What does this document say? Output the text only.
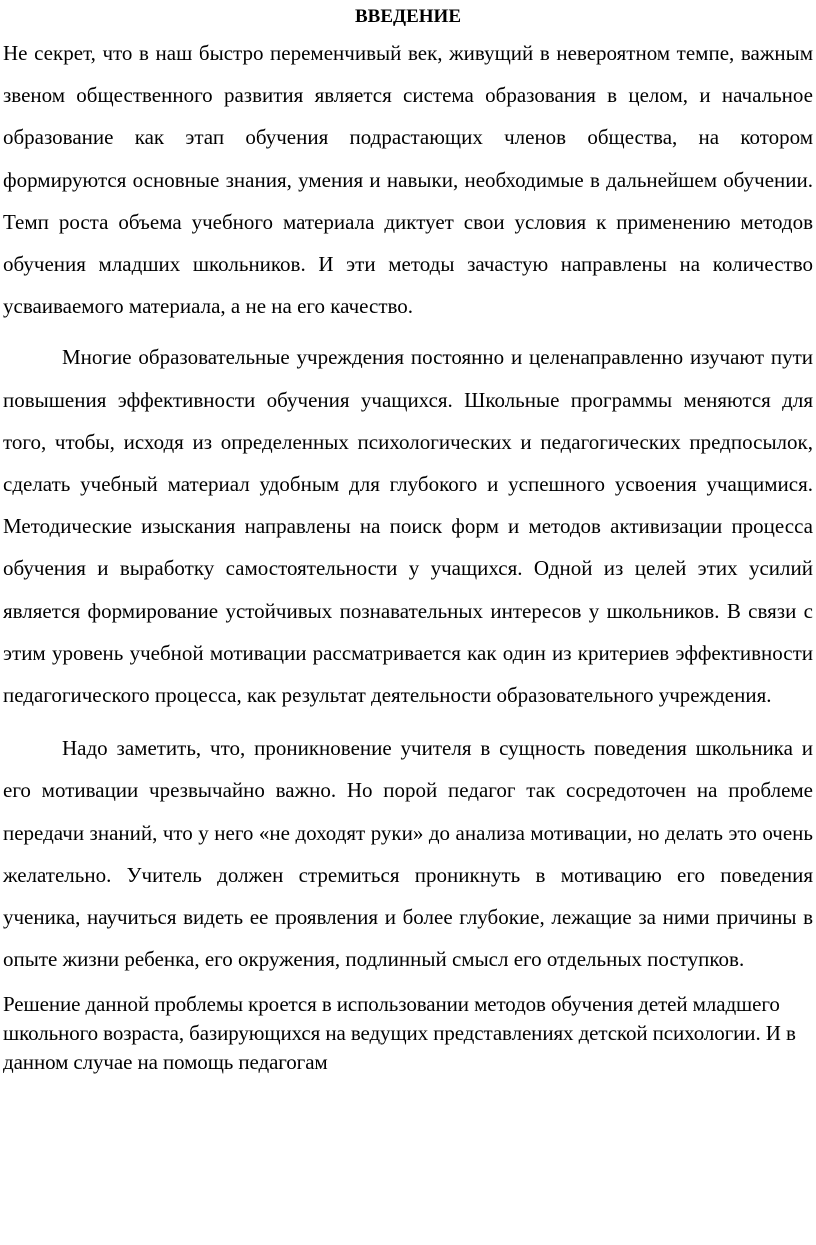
ВВЕДЕНИЕ

Не секрет, что в наш быстро переменчивый век, живущий в невероятном темпе, важным звеном общественного развития является система образования в целом, и начальное образование как этап обучения подрастающих членов общества, на котором формируются основные знания, умения и навыки, необходимые в дальнейшем обучении. Темп роста объема учебного материала диктует свои условия к применению методов обучения младших школьников. И эти методы зачастую направлены на количество усваиваемого материала, а не на его качество.

Многие образовательные учреждения постоянно и целенаправленно изучают пути повышения эффективности обучения учащихся. Школьные программы меняются для того, чтобы, исходя из определенных психологических и педагогических предпосылок, сделать учебный материал удобным для глубокого и успешного усвоения учащимися. Методические изыскания направлены на поиск форм и методов активизации процесса обучения и выработку самостоятельности у учащихся. Одной из целей этих усилий является формирование устойчивых познавательных интересов у школьников. В связи с этим уровень учебной мотивации рассматривается как один из критериев эффективности педагогического процесса, как результат деятельности образовательного учреждения.

Надо заметить, что, проникновение учителя в сущность поведения школьника и его мотивации чрезвычайно важно. Но порой педагог так сосредоточен на проблеме передачи знаний, что у него «не доходят руки» до анализа мотивации, но делать это очень желательно. Учитель должен стремиться проникнуть в мотивацию его поведения ученика, научиться видеть ее проявления и более глубокие, лежащие за ними причины в опыте жизни ребенка, его окружения, подлинный смысл его отдельных поступков.

Решение данной проблемы кроется в использовании методов обучения детей младшего школьного возраста, базирующихся на ведущих представлениях детской психологии. И в данном случае на помощь педагогам
